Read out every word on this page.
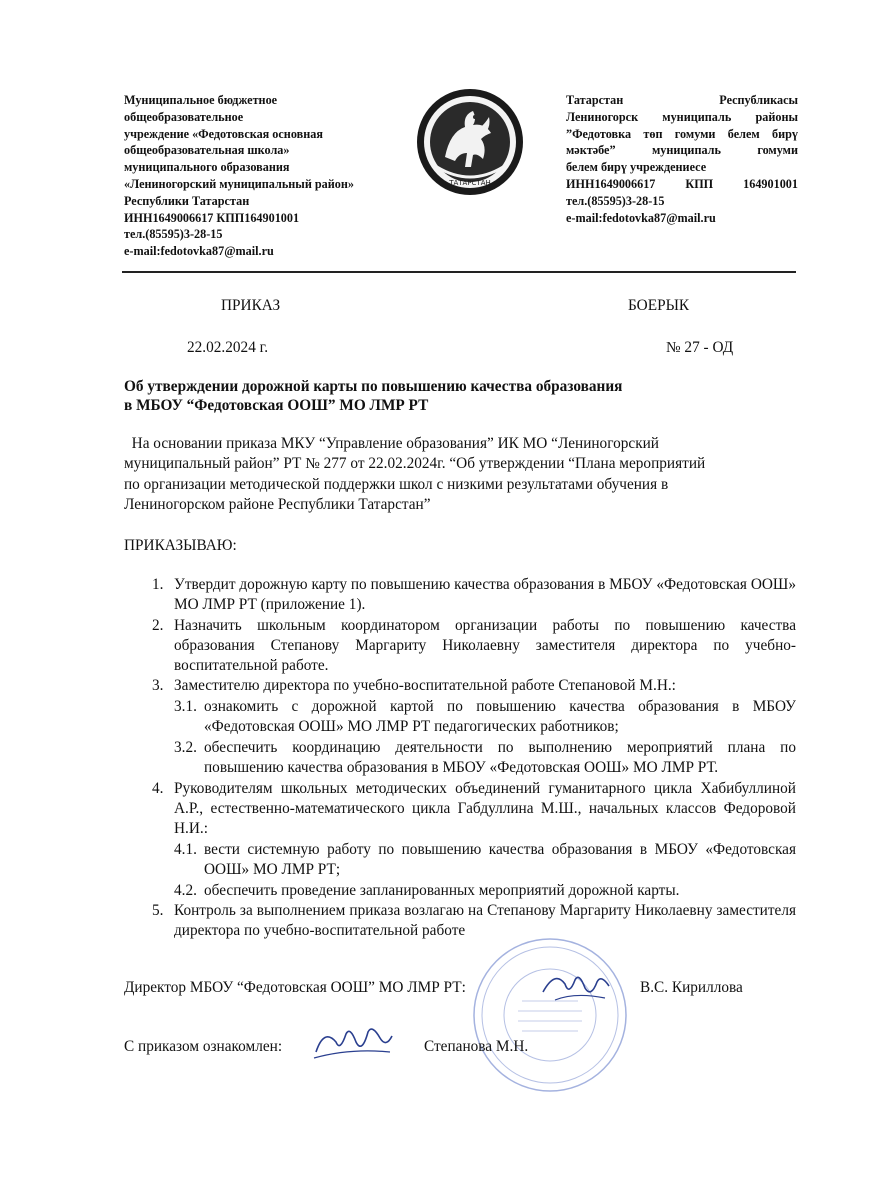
Муниципальное бюджетное
общеобразовательное
учреждение «Федотовская основная
общеобразовательная школа»
муниципального образования
«Лениногорский муниципальный район»
Республики Татарстан
ИНН1649006617 КПП164901001
тел.(85595)3-28-15
e-mail:fedotovka87@mail.ru
ТАТАРСТАН
Татарстан Республикасы
Лениногорск муниципаль районы
”Федотовка төп гомуми белем бирү
мәктәбе” муниципаль гомуми
белем бирү учреждениесе
ИНН1649006617 КПП 164901001
тел.(85595)3-28-15
e-mail:fedotovka87@mail.ru
ПРИКАЗ	БОЕРЫК
22.02.2024 г.	№ 27 - ОД
Об утверждении дорожной карты по повышению качества образования
в МБОУ “Федотовская ООШ” МО ЛМР РТ
На основании приказа МКУ “Управление образования” ИК МО “Лениногорский
муниципальный район” РТ № 277 от 22.02.2024г. “Об утверждении “Плана мероприятий
по организации методической поддержки школ с низкими результатами обучения в
Лениногорском районе Республики Татарстан”
ПРИКАЗЫВАЮ:
1. Утвердит дорожную карту по повышению качества образования в МБОУ «Федотовская ООШ» МО ЛМР РТ (приложение 1).
2. Назначить школьным координатором организации работы по повышению качества образования Степанову Маргариту Николаевну заместителя директора по учебно-воспитательной работе.
3. Заместителю директора по учебно-воспитательной работе Степановой М.Н.:
3.1. ознакомить с дорожной картой по повышению качества образования в МБОУ «Федотовская ООШ» МО ЛМР РТ педагогических работников;
3.2. обеспечить координацию деятельности по выполнению мероприятий плана по повышению качества образования в МБОУ «Федотовская ООШ» МО ЛМР РТ.
4. Руководителям школьных методических объединений гуманитарного цикла Хабибуллиной А.Р., естественно-математического цикла Габдуллина М.Ш., начальных классов Федоровой Н.И.:
4.1. вести системную работу по повышению качества образования в МБОУ «Федотовская ООШ» МО ЛМР РТ;
4.2. обеспечить проведение запланированных мероприятий дорожной карты.
5. Контроль за выполнением приказа возлагаю на Степанову Маргариту Николаевну заместителя директора по учебно-воспитательной работе
Директор МБОУ “Федотовская ООШ” МО ЛМР РТ:	В.С. Кириллова
С приказом ознакомлен:	Степанова М.Н.
